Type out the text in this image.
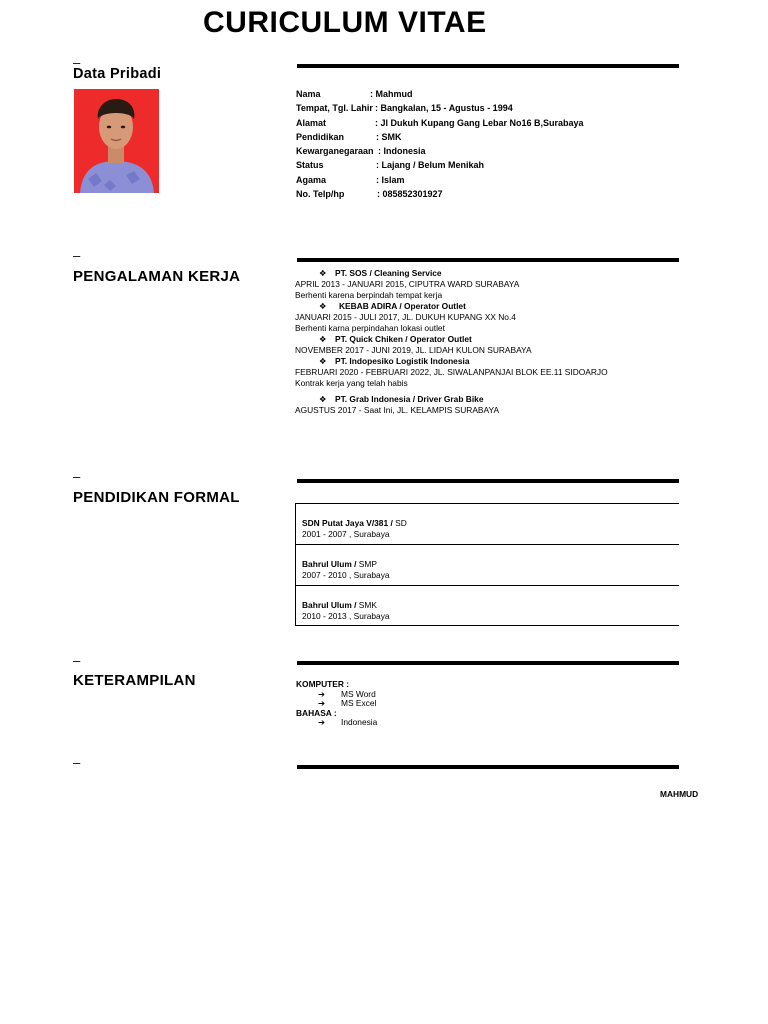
CURICULUM VITAE
–
Data Pribadi
Nama	: Mahmud
Tempat, Tgl. Lahir : Bangkalan, 15 - Agustus - 1994
Alamat	: Jl Dukuh Kupang Gang Lebar No16 B,Surabaya
Pendidikan	: SMK
Kewarganegaraan : Indonesia
Status	: Lajang / Belum Menikah
Agama	: Islam
No. Telp/hp	: 085852301927
–
PENGALAMAN KERJA	❖ PT. SOS / Cleaning Service
APRIL 2013 - JANUARI 2015, CIPUTRA WARD SURABAYA
Berhenti karena berpindah tempat kerja
❖ KEBAB ADIRA / Operator Outlet
JANUARI 2015 - JULI 2017, JL. DUKUH KUPANG XX No.4
Berhenti karna perpindahan lokasi outlet
❖ PT. Quick Chiken / Operator Outlet
NOVEMBER 2017 - JUNI 2019, JL. LIDAH KULON SURABAYA
❖ PT. Indopesiko Logistik Indonesia
FEBRUARI 2020 - FEBRUARI 2022, JL. SIWALANPANJAI BLOK EE.11 SIDOARJO
Kontrak kerja yang telah habis
❖ PT. Grab Indonesia / Driver Grab Bike
AGUSTUS 2017 - Saat Ini, JL. KELAMPIS SURABAYA
–
PENDIDIKAN FORMAL
SDN Putat Jaya V/381 / SD
2001 - 2007 , Surabaya
Bahrul Ulum / SMP
2007 - 2010 , Surabaya
Bahrul Ulum / SMK
2010 - 2013 , Surabaya
–
KETERAMPILAN	KOMPUTER :
➔ MS Word
➔ MS Excel
BAHASA :
➔ Indonesia
–
MAHMUD
